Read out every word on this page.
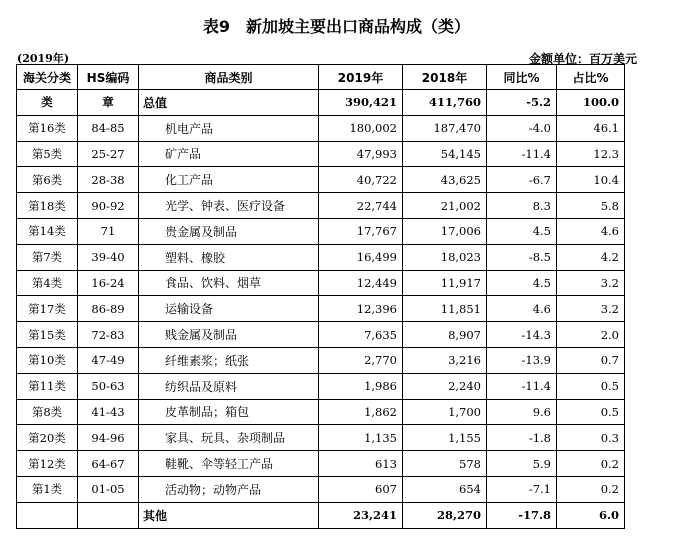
表9　新加坡主要出口商品构成（类）
(2019年)	金额单位：百万美元
海关分类	HS编码	商品类别	2019年	2018年	同比%	占比%
类	章	总值	390,421	411,760	-5.2	100.0
第16类	84-85	机电产品	180,002	187,470	-4.0	46.1
第5类	25-27	矿产品	47,993	54,145	-11.4	12.3
第6类	28-38	化工产品	40,722	43,625	-6.7	10.4
第18类	90-92	光学、钟表、医疗设备	22,744	21,002	8.3	5.8
第14类	71	贵金属及制品	17,767	17,006	4.5	4.6
第7类	39-40	塑料、橡胶	16,499	18,023	-8.5	4.2
第4类	16-24	食品、饮料、烟草	12,449	11,917	4.5	3.2
第17类	86-89	运输设备	12,396	11,851	4.6	3.2
第15类	72-83	贱金属及制品	7,635	8,907	-14.3	2.0
第10类	47-49	纤维素浆；纸张	2,770	3,216	-13.9	0.7
第11类	50-63	纺织品及原料	1,986	2,240	-11.4	0.5
第8类	41-43	皮革制品；箱包	1,862	1,700	9.6	0.5
第20类	94-96	家具、玩具、杂项制品	1,135	1,155	-1.8	0.3
第12类	64-67	鞋靴、伞等轻工产品	613	578	5.9	0.2
第1类	01-05	活动物；动物产品	607	654	-7.1	0.2
		其他	23,241	28,270	-17.8	6.0
